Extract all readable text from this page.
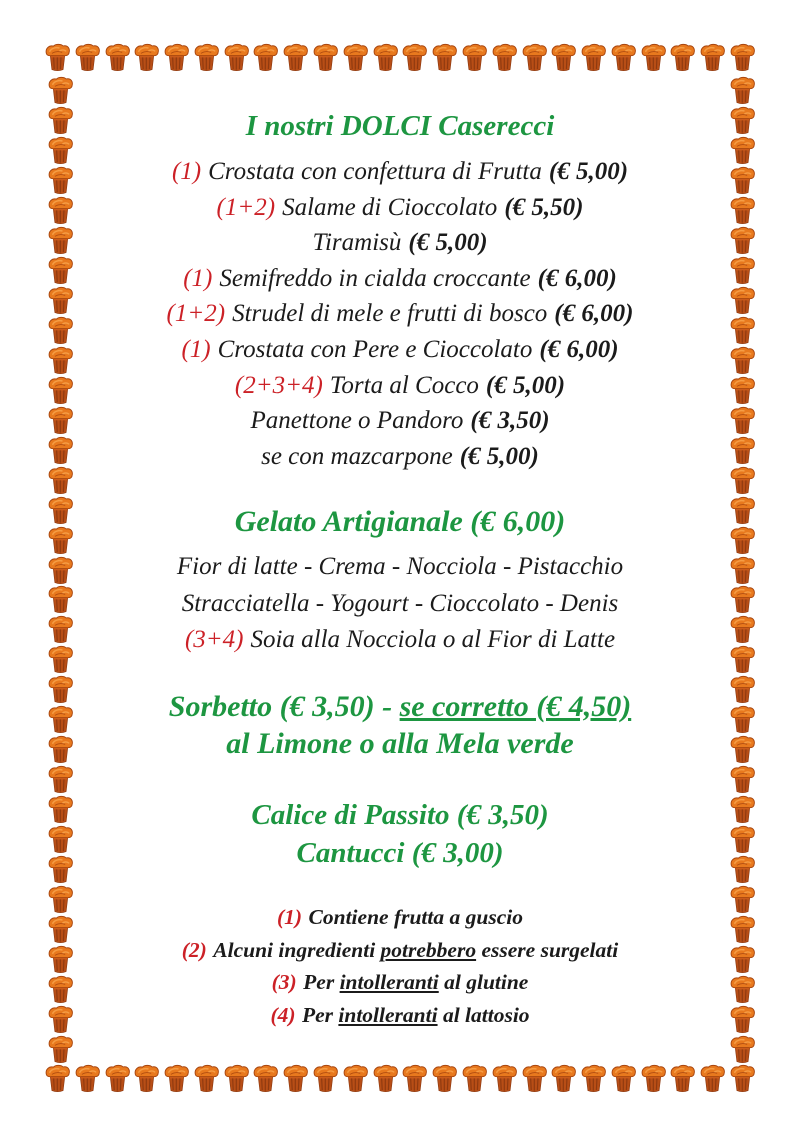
I nostri DOLCI Caserecci
(1) Crostata con confettura di Frutta (€ 5,00)
(1+2) Salame di Cioccolato (€ 5,50)
Tiramisù (€ 5,00)
(1) Semifreddo in cialda croccante (€ 6,00)
(1+2) Strudel di mele e frutti di bosco (€ 6,00)
(1) Crostata con Pere e Cioccolato (€ 6,00)
(2+3+4) Torta al Cocco (€ 5,00)
Panettone o Pandoro (€ 3,50)
se con mazcarpone (€ 5,00)
Gelato Artigianale (€ 6,00)
Fior di latte - Crema - Nocciola - Pistacchio
Stracciatella - Yogourt - Cioccolato - Denis
(3+4) Soia alla Nocciola o al Fior di Latte
Sorbetto (€ 3,50) - se corretto (€ 4,50)
al Limone o alla Mela verde
Calice di Passito (€ 3,50)
Cantucci (€ 3,00)
(1) Contiene frutta a guscio
(2) Alcuni ingredienti potrebbero essere surgelati
(3) Per intolleranti al glutine
(4) Per intolleranti al lattosio
